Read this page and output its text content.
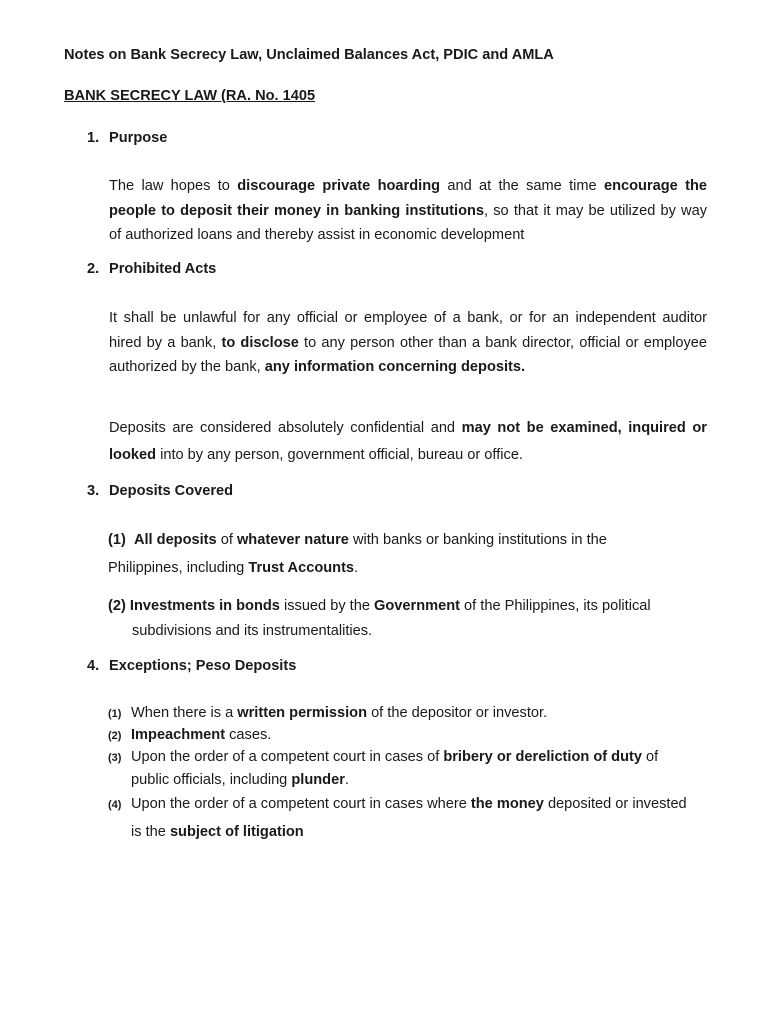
Notes on Bank Secrecy Law, Unclaimed Balances Act, PDIC and AMLA
BANK SECRECY LAW (RA. No. 1405
1. Purpose
The law hopes to discourage private hoarding and at the same time encourage the
people to deposit their money in banking institutions, so that it may be utilized by way
of authorized loans and thereby assist in economic development
2. Prohibited Acts
It shall be unlawful for any official or employee of a bank, or for an independent auditor
hired by a bank, to disclose to any person other than a bank director, official or employee
authorized by the bank, any information concerning deposits.
Deposits are considered absolutely confidential and may not be examined, inquired or
looked into by any person, government official, bureau or office.
3. Deposits Covered
(1) All deposits of whatever nature with banks or banking institutions in the
Philippines, including Trust Accounts.
(2) Investments in bonds issued by the Government of the Philippines, its political
subdivisions and its instrumentalities.
4. Exceptions; Peso Deposits
(1) When there is a written permission of the depositor or investor.
(2) Impeachment cases.
(3) Upon the order of a competent court in cases of bribery or dereliction of duty of
public officials, including plunder.
(4) Upon the order of a competent court in cases where the money deposited or invested
is the subject of litigation
